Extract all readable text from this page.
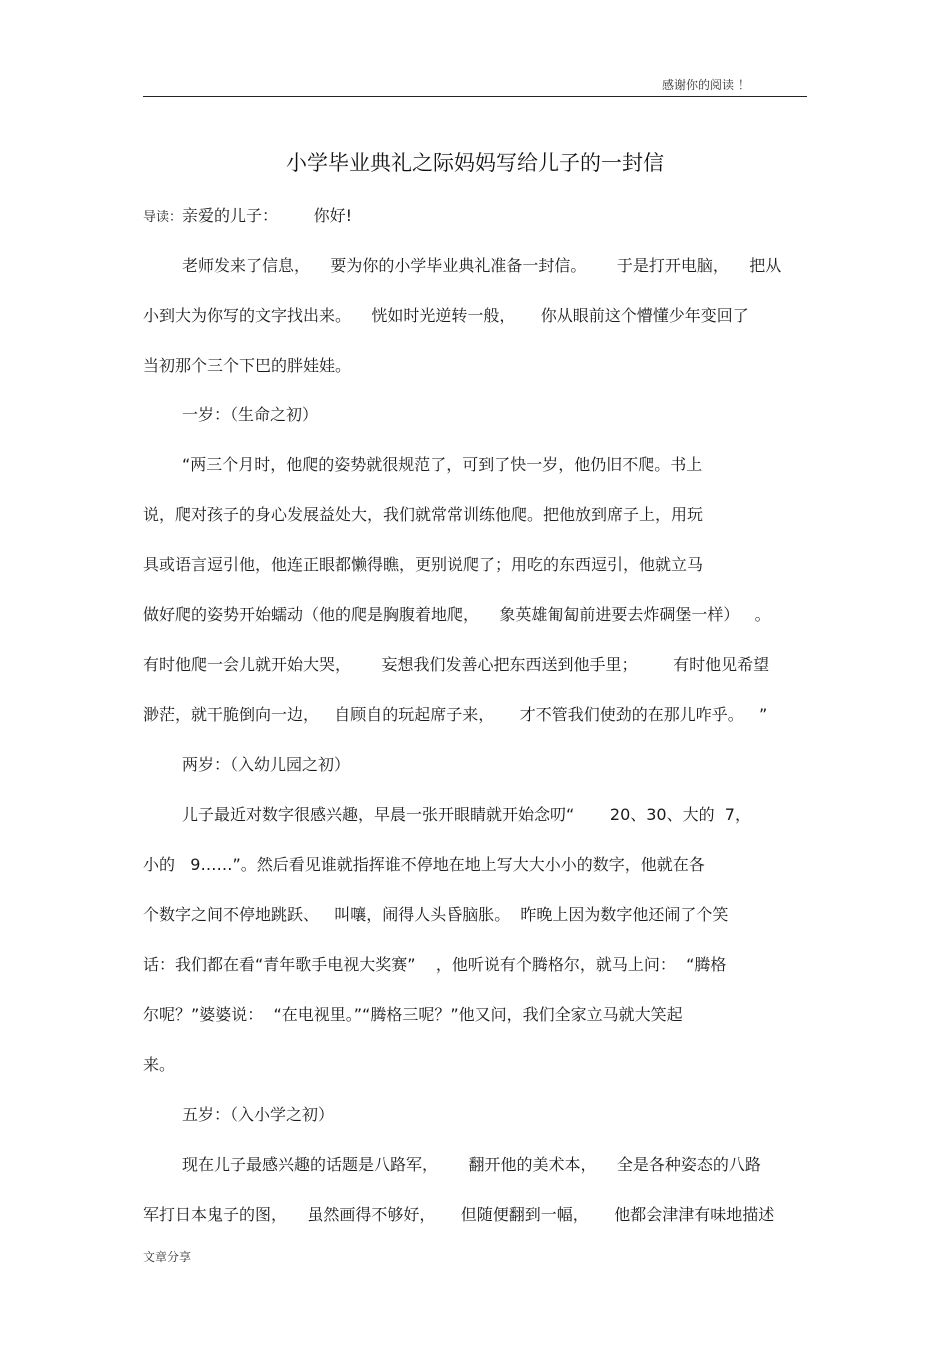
感谢你的阅读 ！
小学毕业典礼之际妈妈写给儿子的一封信
导读：亲爱的儿子：       你好!
老师发来了信息，    要为你的小学毕业典礼准备一封信。      于是打开电脑，    把从
小到大为你写的文字找出来。    恍如时光逆转一般，     你从眼前这个懵懂少年变回了
当初那个三个下巴的胖娃娃。
一岁：（生命之初）
“两三个月时，他爬的姿势就很规范了，可到了快一岁，他仍旧不爬。书上
说，爬对孩子的身心发展益处大，我们就常常训练他爬。把他放到席子上，用玩
具或语言逗引他，他连正眼都懒得瞧，更别说爬了；用吃的东西逗引，他就立马
做好爬的姿势开始蠕动（他的爬是胸腹着地爬，    象英雄匍匐前进要去炸碉堡一样）   。
有时他爬一会儿就开始大哭，      妄想我们发善心把东西送到他手里；       有时他见希望
渺茫，就干脆倒向一边，   自顾自的玩起席子来，     才不管我们使劲的在那儿咋乎。   ”
两岁：（入幼儿园之初）
儿子最近对数字很感兴趣，早晨一张开眼睛就开始念叨“       20、30、大的  7，
小的   9……”。然后看见谁就指挥谁不停地在地上写大大小小的数字，他就在各
个数字之间不停地跳跃、   叫嚷，闹得人头昏脑胀。  昨晚上因为数字他还闹了个笑
话：我们都在看“青年歌手电视大奖赛”    ，他听说有个腾格尔，就马上问：  “腾格
尔呢？”婆婆说：  “在电视里。”“腾格三呢？”他又问，我们全家立马就大笑起
来。
五岁：（入小学之初）
现在儿子最感兴趣的话题是八路军，      翻开他的美术本，    全是各种姿态的八路
军打日本鬼子的图，    虽然画得不够好，     但随便翻到一幅，     他都会津津有味地描述
文章分享
